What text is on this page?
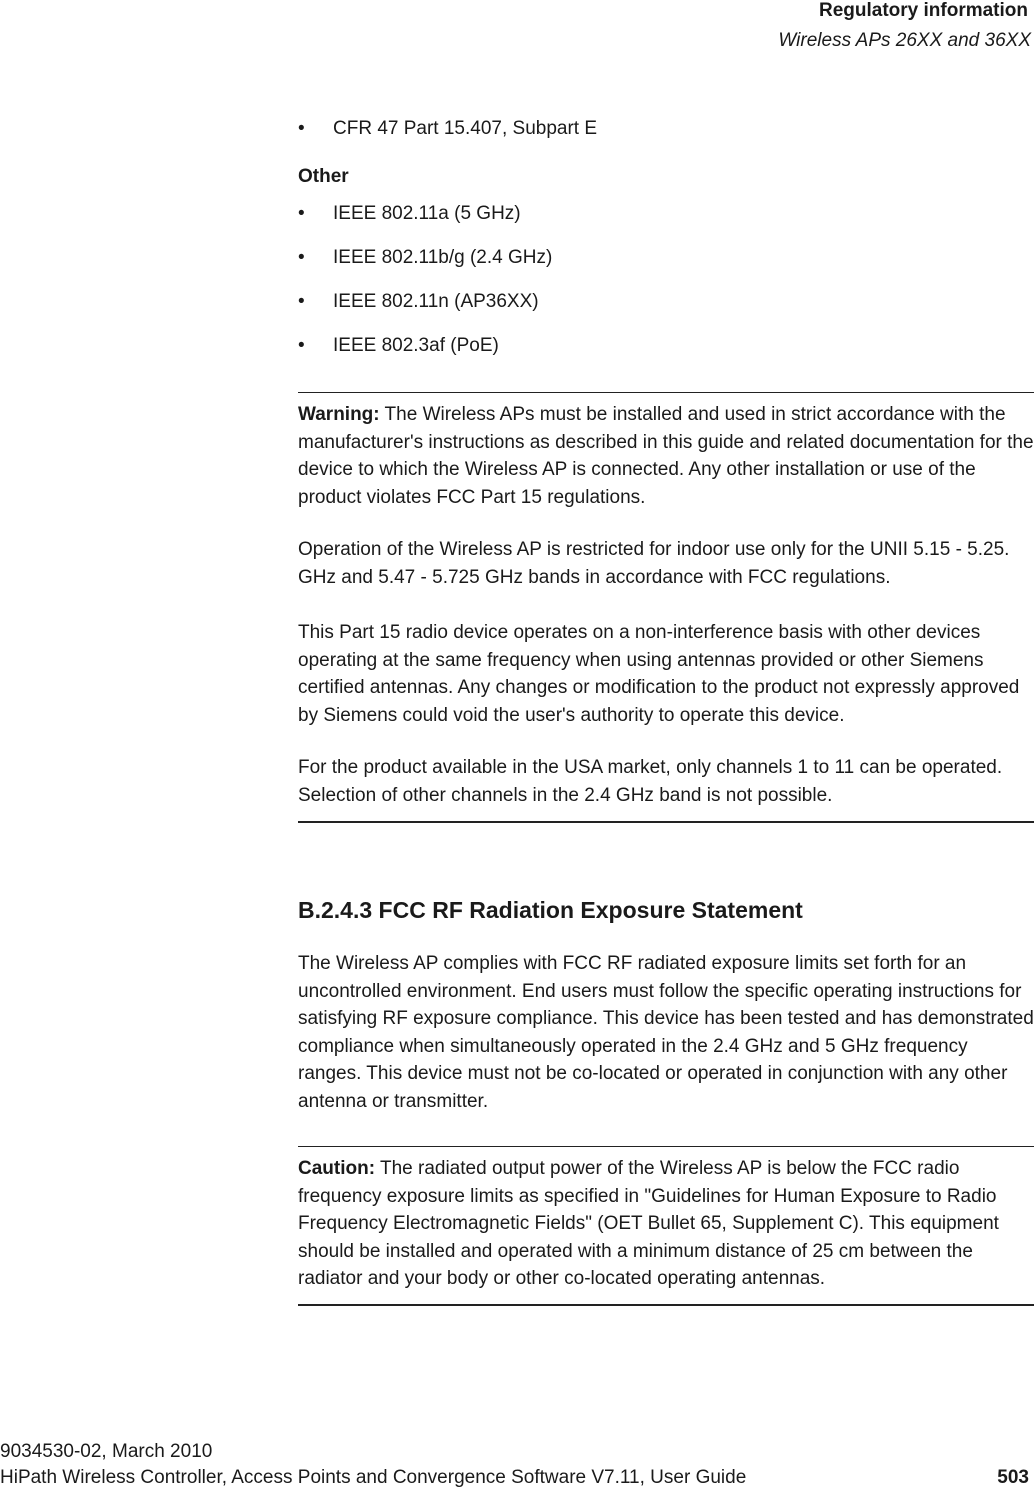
Regulatory information
Wireless APs 26XX and 36XX
• CFR 47 Part 15.407, Subpart E
Other
• IEEE 802.11a (5 GHz)
• IEEE 802.11b/g (2.4 GHz)
• IEEE 802.11n (AP36XX)
• IEEE 802.3af (PoE)
Warning: The Wireless APs must be installed and used in strict accordance with the manufacturer's instructions as described in this guide and related documentation for the device to which the Wireless AP is connected. Any other installation or use of the product violates FCC Part 15 regulations.
Operation of the Wireless AP is restricted for indoor use only for the UNII 5.15 - 5.25. GHz and 5.47 - 5.725 GHz bands in accordance with FCC regulations.
This Part 15 radio device operates on a non-interference basis with other devices operating at the same frequency when using antennas provided or other Siemens certified antennas. Any changes or modification to the product not expressly approved by Siemens could void the user's authority to operate this device.
For the product available in the USA market, only channels 1 to 11 can be operated. Selection of other channels in the 2.4 GHz band is not possible.
B.2.4.3 FCC RF Radiation Exposure Statement
The Wireless AP complies with FCC RF radiated exposure limits set forth for an uncontrolled environment. End users must follow the specific operating instructions for satisfying RF exposure compliance. This device has been tested and has demonstrated compliance when simultaneously operated in the 2.4 GHz and 5 GHz frequency ranges. This device must not be co-located or operated in conjunction with any other antenna or transmitter.
Caution: The radiated output power of the Wireless AP is below the FCC radio frequency exposure limits as specified in "Guidelines for Human Exposure to Radio Frequency Electromagnetic Fields" (OET Bullet 65, Supplement C). This equipment should be installed and operated with a minimum distance of 25 cm between the radiator and your body or other co-located operating antennas.
9034530-02, March 2010
HiPath Wireless Controller, Access Points and Convergence Software V7.11, User Guide	503
